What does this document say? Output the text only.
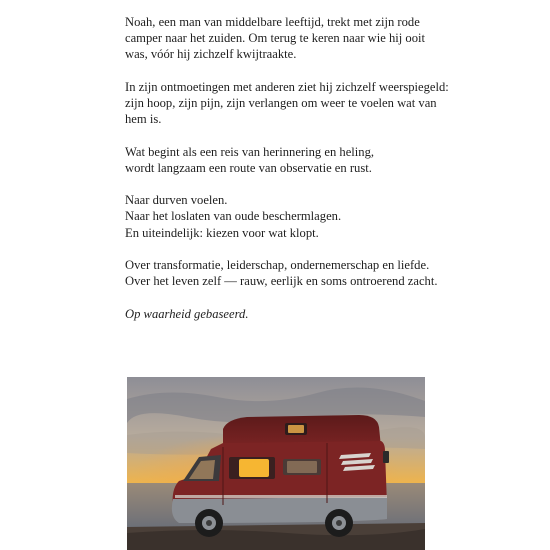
Noah, een man van middelbare leeftijd, trekt met zijn rode
camper naar het zuiden. Om terug te keren naar wie hij ooit
was, vóór hij zichzelf kwijtraakte.

In zijn ontmoetingen met anderen ziet hij zichzelf weerspiegeld:
zijn hoop, zijn pijn, zijn verlangen om weer te voelen wat van
hem is.

Wat begint als een reis van herinnering en heling,
wordt langzaam een route van observatie en rust.

Naar durven voelen.
Naar het loslaten van oude beschermlagen.
En uiteindelijk: kiezen voor wat klopt.

Over transformatie, leiderschap, ondernemerschap en liefde.
Over het leven zelf — rauw, eerlijk en soms ontroerend zacht.

Op waarheid gebaseerd.
